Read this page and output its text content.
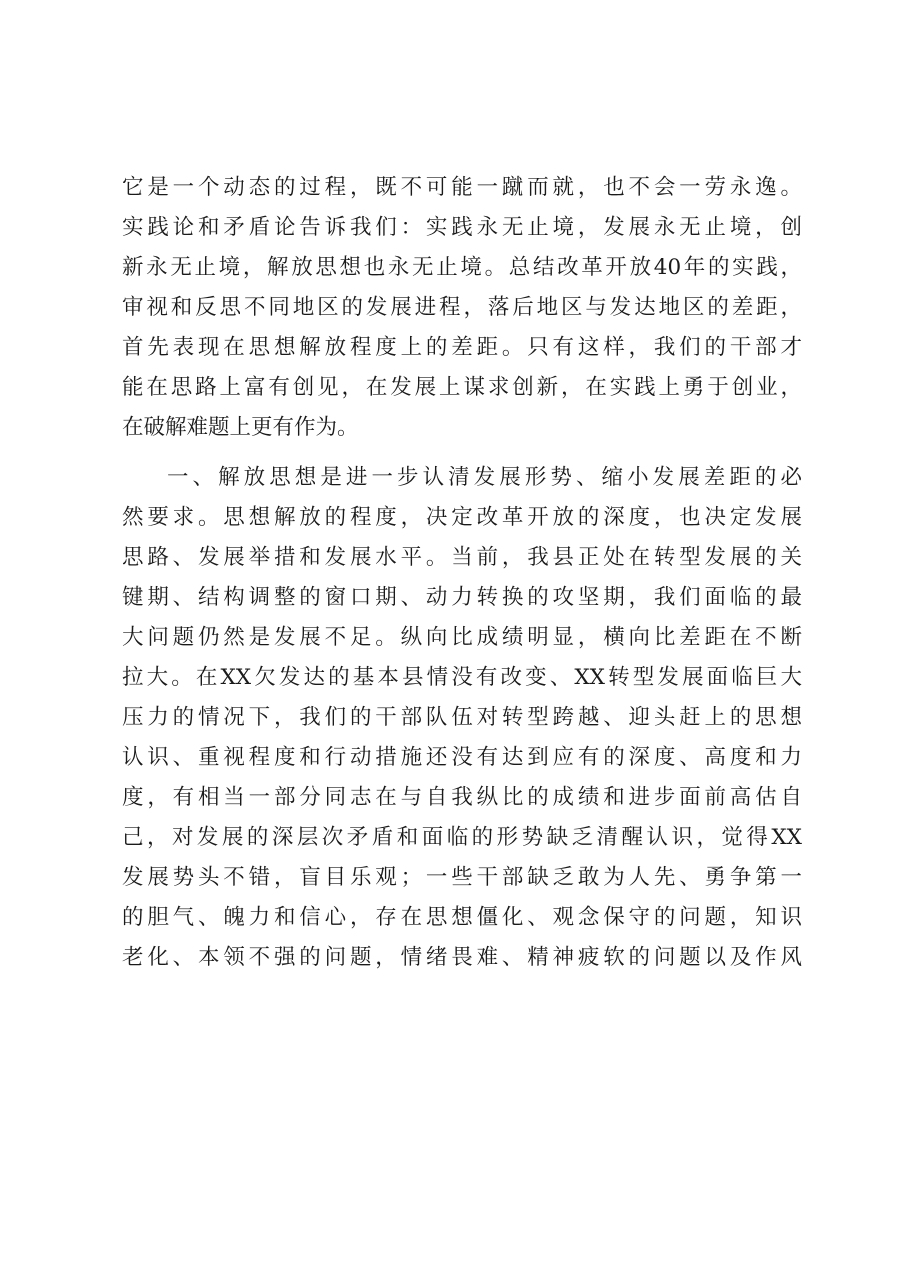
它是一个动态的过程，既不可能一蹴而就，也不会一劳永逸。
实践论和矛盾论告诉我们：实践永无止境，发展永无止境，创
新永无止境，解放思想也永无止境。总结改革开放40年的实践，
审视和反思不同地区的发展进程，落后地区与发达地区的差距，
首先表现在思想解放程度上的差距。只有这样，我们的干部才
能在思路上富有创见，在发展上谋求创新，在实践上勇于创业，
在破解难题上更有作为。
一、解放思想是进一步认清发展形势、缩小发展差距的必
然要求。思想解放的程度，决定改革开放的深度，也决定发展
思路、发展举措和发展水平。当前，我县正处在转型发展的关
键期、结构调整的窗口期、动力转换的攻坚期，我们面临的最
大问题仍然是发展不足。纵向比成绩明显，横向比差距在不断
拉大。在XX欠发达的基本县情没有改变、XX转型发展面临巨大
压力的情况下，我们的干部队伍对转型跨越、迎头赶上的思想
认识、重视程度和行动措施还没有达到应有的深度、高度和力
度，有相当一部分同志在与自我纵比的成绩和进步面前高估自
己，对发展的深层次矛盾和面临的形势缺乏清醒认识，觉得XX
发展势头不错，盲目乐观；一些干部缺乏敢为人先、勇争第一
的胆气、魄力和信心，存在思想僵化、观念保守的问题，知识
老化、本领不强的问题，情绪畏难、精神疲软的问题以及作风
